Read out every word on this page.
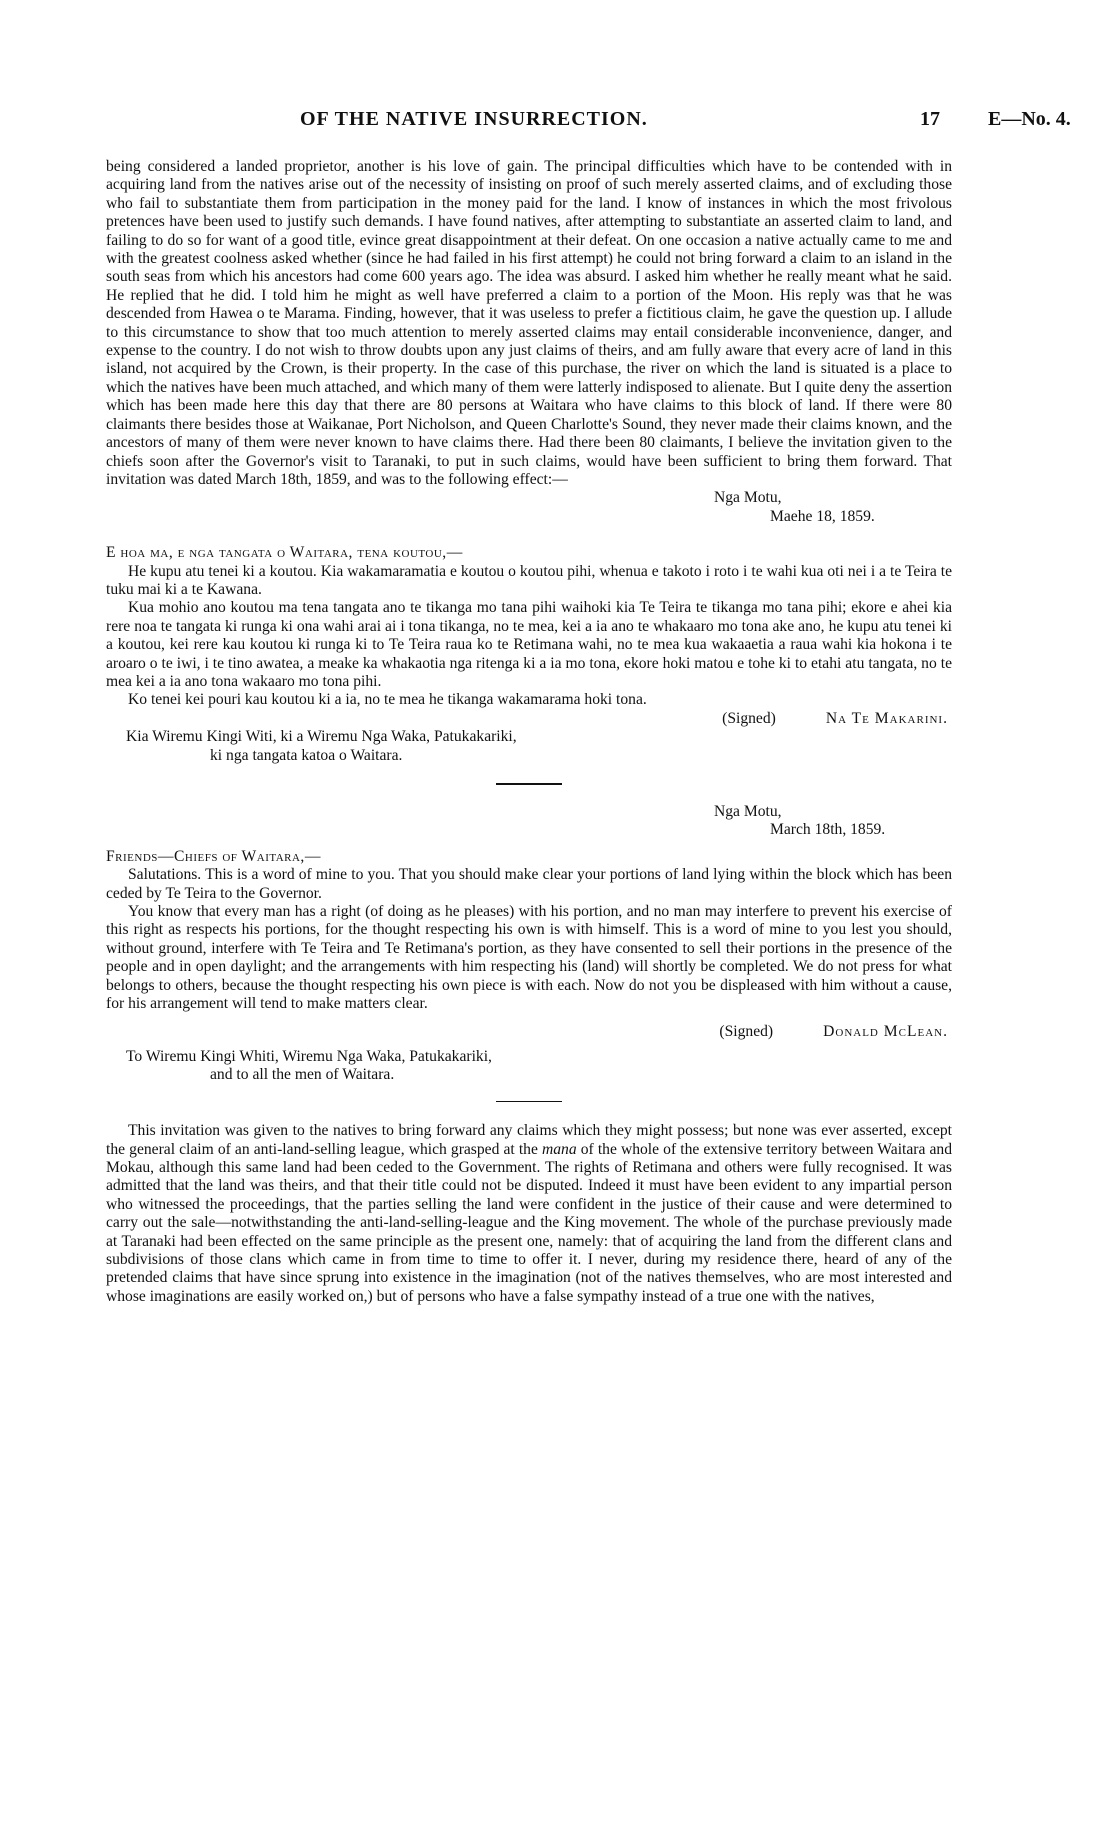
OF THE NATIVE INSURRECTION.	17 E—No. 4.

being considered a landed proprietor, another is his love of gain. The principal difficulties which have to be contended with in acquiring land from the natives arise out of the necessity of insisting on proof of such merely asserted claims, and of excluding those who fail to substantiate them from participation in the money paid for the land. I know of instances in which the most frivolous pretences have been used to justify such demands. I have found natives, after attempting to substantiate an asserted claim to land, and failing to do so for want of a good title, evince great disappointment at their defeat. On one occasion a native actually came to me and with the greatest coolness asked whether (since he had failed in his first attempt) he could not bring forward a claim to an island in the south seas from which his ancestors had come 600 years ago. The idea was absurd. I asked him whether he really meant what he said. He replied that he did. I told him he might as well have preferred a claim to a portion of the Moon. His reply was that he was descended from Hawea o te Marama. Finding, however, that it was useless to prefer a fictitious claim, he gave the question up. I allude to this circumstance to show that too much attention to merely asserted claims may entail considerable inconvenience, danger, and expense to the country. I do not wish to throw doubts upon any just claims of theirs, and am fully aware that every acre of land in this island, not acquired by the Crown, is their property. In the case of this purchase, the river on which the land is situated is a place to which the natives have been much attached, and which many of them were latterly indisposed to alienate. But I quite deny the assertion which has been made here this day that there are 80 persons at Waitara who have claims to this block of land. If there were 80 claimants there besides those at Waikanae, Port Nicholson, and Queen Charlotte's Sound, they never made their claims known, and the ancestors of many of them were never known to have claims there. Had there been 80 claimants, I believe the invitation given to the chiefs soon after the Governor's visit to Taranaki, to put in such claims, would have been sufficient to bring them forward. That invitation was dated March 18th, 1859, and was to the following effect:—

Nga Motu,
Maehe 18, 1859.
E hoa ma, e nga tangata o Waitara, tena koutou,—

He kupu atu tenei ki a koutou. Kia wakamaramatia e koutou o koutou pihi, whenua e takoto i roto i te wahi kua oti nei i a te Teira te tuku mai ki a te Kawana.

Kua mohio ano koutou ma tena tangata ano te tikanga mo tana pihi waihoki kia Te Teira te tikanga mo tana pihi; ekore e ahei kia rere noa te tangata ki runga ki ona wahi arai ai i tona tikanga, no te mea, kei a ia ano te whakaaro mo tona ake ano, he kupu atu tenei ki a koutou, kei rere kau koutou ki runga ki to Te Teira raua ko te Retimana wahi, no te mea kua wakaaetia a raua wahi kia hokona i te aroaro o te iwi, i te tino awatea, a meake ka whakaotia nga ritenga ki a ia mo tona, ekore hoki matou e tohe ki to etahi atu tangata, no te mea kei a ia ano tona wakaaro mo tona pihi.

Ko tenei kei pouri kau koutou ki a ia, no te mea he tikanga wakamarama hoki tona.

(Signed)	Na Te Makarini.
Kia Wiremu Kingi Witi, ki a Wiremu Nga Waka, Patukakariki,
ki nga tangata katoa o Waitara.
Nga Motu,
March 18th, 1859.
Friends—Chiefs of Waitara,—

Salutations. This is a word of mine to you. That you should make clear your portions of land lying within the block which has been ceded by Te Teira to the Governor.

You know that every man has a right (of doing as he pleases) with his portion, and no man may interfere to prevent his exercise of this right as respects his portions, for the thought respecting his own is with himself. This is a word of mine to you lest you should, without ground, interfere with Te Teira and Te Retimana's portion, as they have consented to sell their portions in the presence of the people and in open daylight; and the arrangements with him respecting his (land) will shortly be completed. We do not press for what belongs to others, because the thought respecting his own piece is with each. Now do not you be displeased with him without a cause, for his arrangement will tend to make matters clear.

(Signed)	Donald McLean.
To Wiremu Kingi Whiti, Wiremu Nga Waka, Patukakariki,
and to all the men of Waitara.

This invitation was given to the natives to bring forward any claims which they might possess; but none was ever asserted, except the general claim of an anti-land-selling league, which grasped at the mana of the whole of the extensive territory between Waitara and Mokau, although this same land had been ceded to the Government. The rights of Retimana and others were fully recognised. It was admitted that the land was theirs, and that their title could not be disputed. Indeed it must have been evident to any impartial person who witnessed the proceedings, that the parties selling the land were confident in the justice of their cause and were determined to carry out the sale—notwithstanding the anti-land-selling-league and the King movement. The whole of the purchase previously made at Taranaki had been effected on the same principle as the present one, namely: that of acquiring the land from the different clans and subdivisions of those clans which came in from time to time to offer it. I never, during my residence there, heard of any of the pretended claims that have since sprung into existence in the imagination (not of the natives themselves, who are most interested and whose imaginations are easily worked on,) but of persons who have a false sympathy instead of a true one with the natives,
